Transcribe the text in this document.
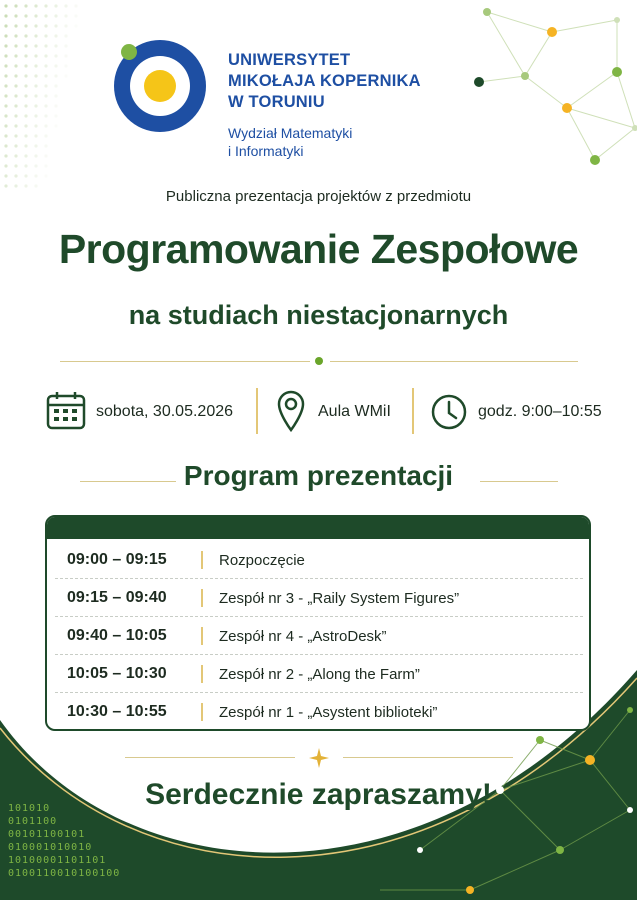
UNIWERSYTET
MIKOŁAJA KOPERNIKA
W TORUNIU
Wydział Matematyki
i Informatyki
Publiczna prezentacja projektów z przedmiotu
Programowanie Zespołowe
na studiach niestacjonarnych
sobota, 30.05.2026	Aula WMiI	godz. 9:00–10:55
Program prezentacji
09:00 – 09:15	Rozpoczęcie
09:15 – 09:40	Zespół nr 3 - „Raily System Figures”
09:40 – 10:05	Zespół nr 4 - „AstroDesk”
10:05 – 10:30	Zespół nr 2 - „Along the Farm”
10:30 – 10:55	Zespół nr 1 - „Asystent biblioteki”
Serdecznie zapraszamy!
101010
0101100
00101100101
010001010010
10100001101101
0100110010100100
